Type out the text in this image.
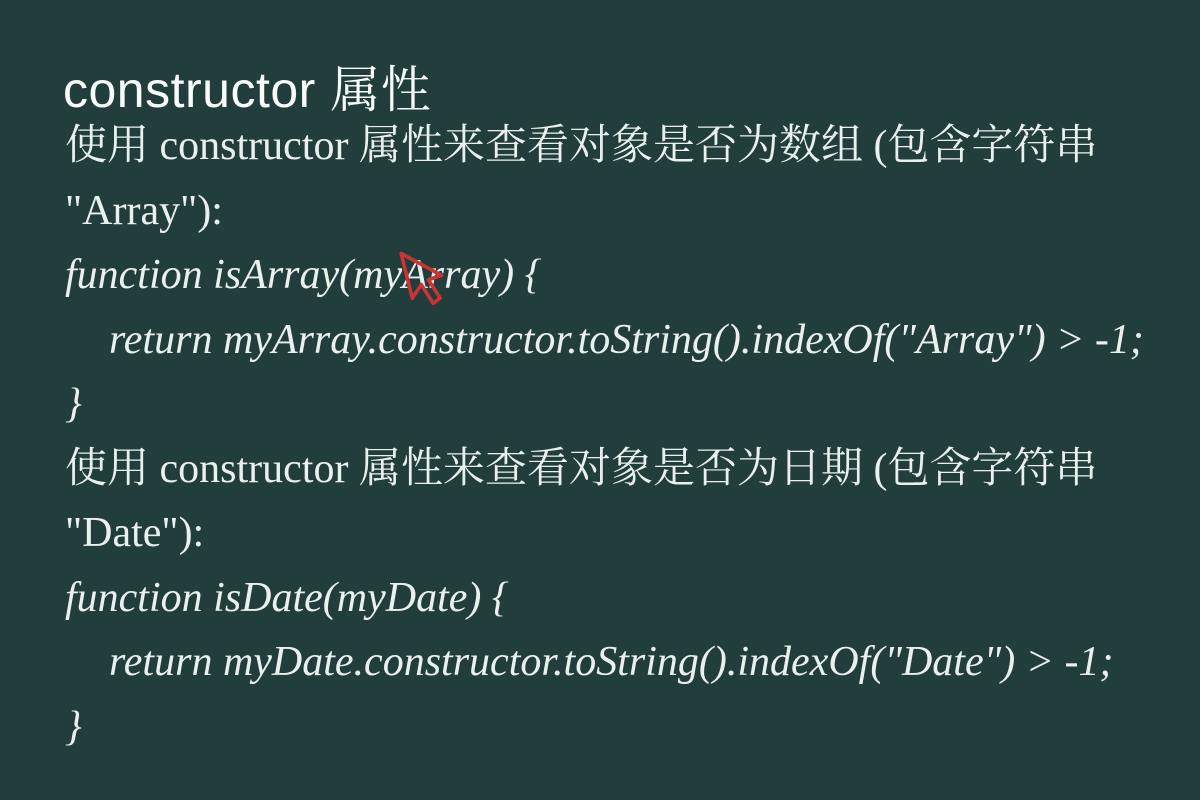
constructor 属性
使用 constructor 属性来查看对象是否为数组 (包含字符串
"Array"):
function isArray(myArray) {
return myArray.constructor.toString().indexOf("Array") > -1;
}
使用 constructor 属性来查看对象是否为日期 (包含字符串
"Date"):
function isDate(myDate) {
return myDate.constructor.toString().indexOf("Date") > -1;
}
